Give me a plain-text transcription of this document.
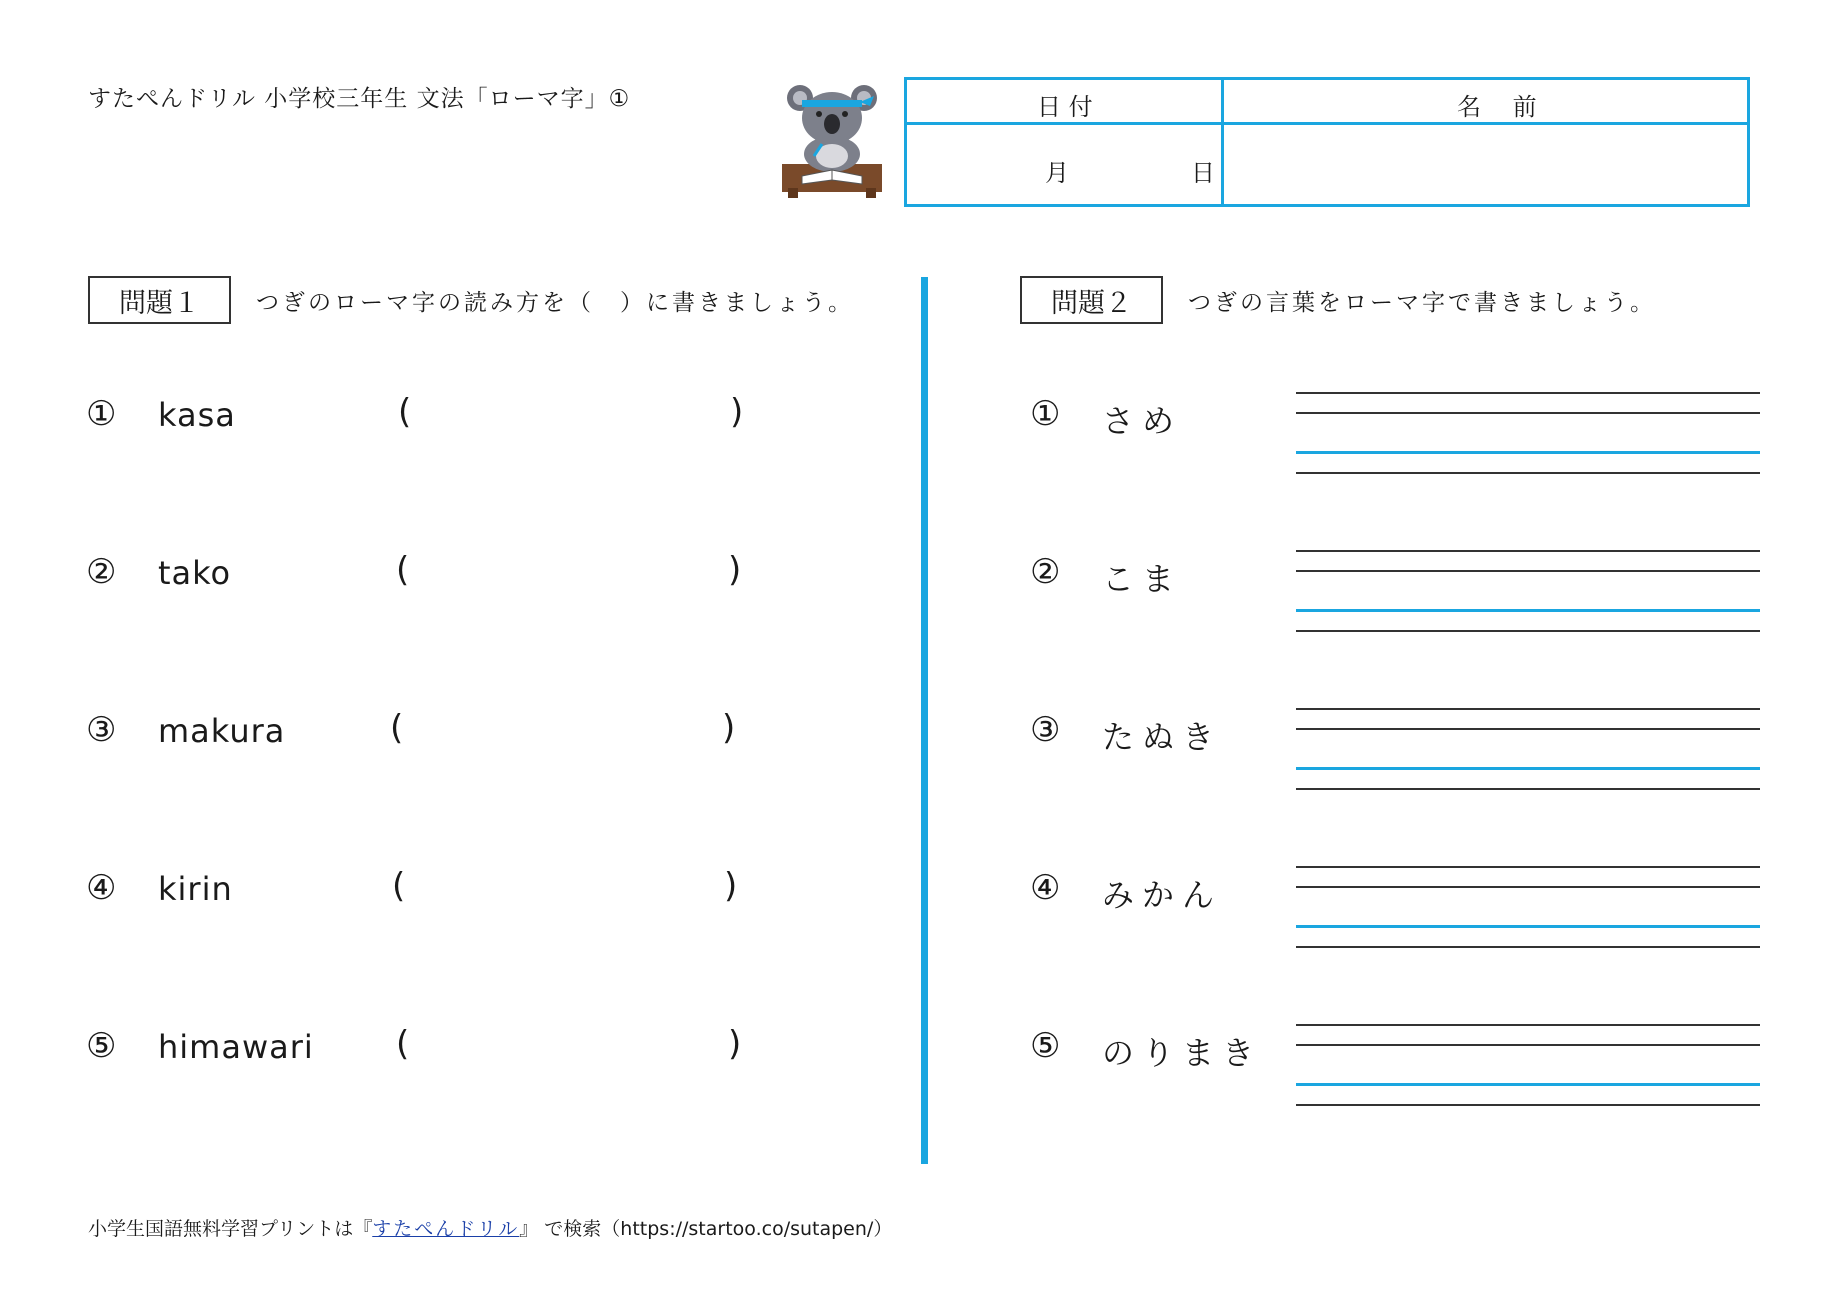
すたぺんドリル 小学校三年生 文法「ローマ字」①	日 付	名 前
月	日
問題１	つぎのローマ字の読み方を（　）に書きましょう。	問題２	つぎの言葉をローマ字で書きましょう。
① kasa	(	)
② tako	(	)
③ makura	(	)
④ kirin	(	)
⑤ himawari (	)
① さめ
② こま
③ たぬき
④ みかん
⑤ のりまき
小学生国語無料学習プリントは『すたぺんドリル』 で検索（https://startoo.co/sutapen/）
